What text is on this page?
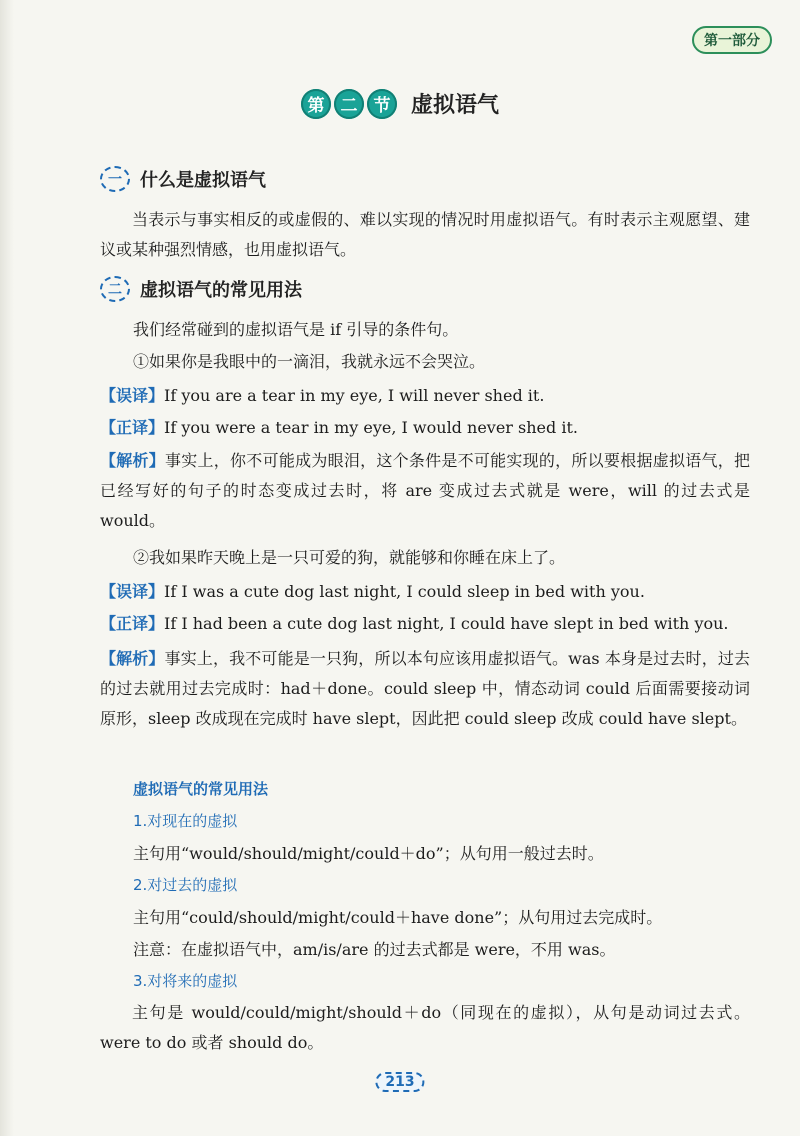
第一部分
第 二 节 虚拟语气
一	什么是虚拟语气
当表示与事实相反的或虚假的、难以实现的情况时用虚拟语气。有时表示主观愿望、建议或某种强烈情感，也用虚拟语气。
二	虚拟语气的常见用法
我们经常碰到的虚拟语气是 if 引导的条件句。
①如果你是我眼中的一滴泪，我就永远不会哭泣。
【误译】If you are a tear in my eye, I will never shed it.
【正译】If you were a tear in my eye, I would never shed it.
【解析】事实上，你不可能成为眼泪，这个条件是不可能实现的，所以要根据虚拟语气，把已经写好的句子的时态变成过去时，将 are 变成过去式就是 were，will 的过去式是 would。
②我如果昨天晚上是一只可爱的狗，就能够和你睡在床上了。
【误译】If I was a cute dog last night, I could sleep in bed with you.
【正译】If I had been a cute dog last night, I could have slept in bed with you.
【解析】事实上，我不可能是一只狗，所以本句应该用虚拟语气。was 本身是过去时，过去的过去就用过去完成时：had＋done。could sleep 中，情态动词 could 后面需要接动词原形，sleep 改成现在完成时 have slept，因此把 could sleep 改成 could have slept。
虚拟语气的常见用法
1.对现在的虚拟
主句用“would/should/might/could＋do”；从句用一般过去时。
2.对过去的虚拟
主句用“could/should/might/could＋have done”；从句用过去完成时。
注意：在虚拟语气中，am/is/are 的过去式都是 were，不用 was。
3.对将来的虚拟
主句是 would/could/might/should＋do（同现在的虚拟），从句是动词过去式。were to do 或者 should do。
213
